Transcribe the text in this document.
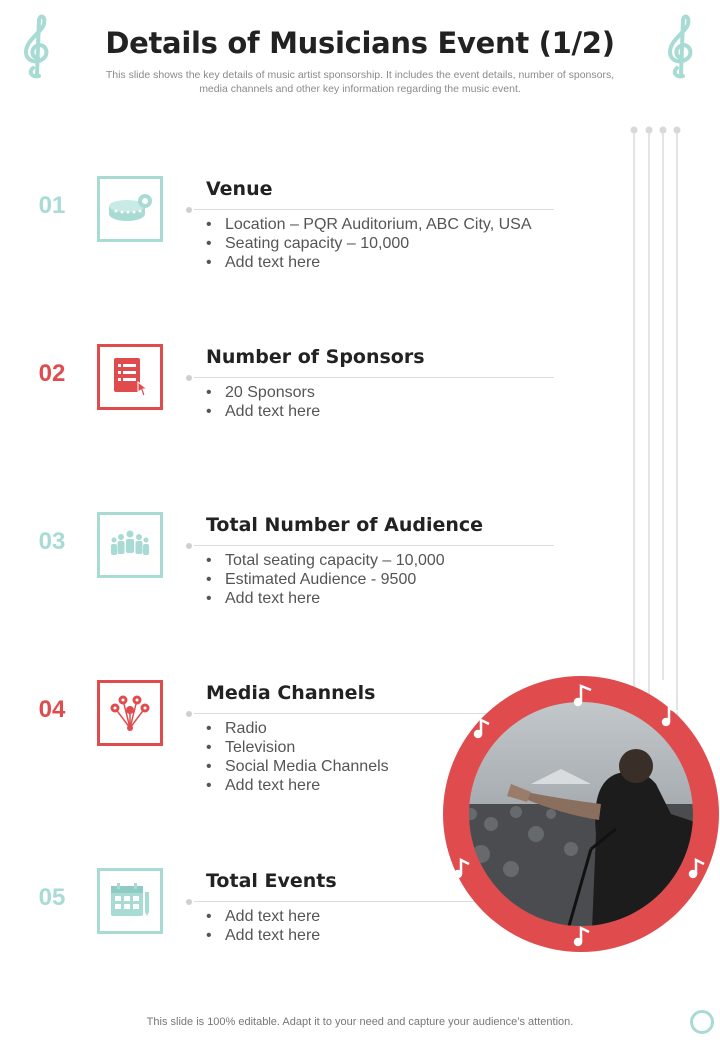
Details of Musicians Event (1/2)
This slide shows the key details of music artist sponsorship. It includes the event details, number of sponsors,
media channels and other key information regarding the music event.
01
Venue
• Location – PQR Auditorium, ABC City, USA
• Seating capacity – 10,000
• Add text here
02
Number of Sponsors
• 20 Sponsors
• Add text here
03
Total Number of Audience
• Total seating capacity – 10,000
• Estimated Audience - 9500
• Add text here
04
Media Channels
• Radio
• Television
• Social Media Channels
• Add text here
05
Total Events
• Add text here
• Add text here
This slide is 100% editable. Adapt it to your need and capture your audience’s attention.
